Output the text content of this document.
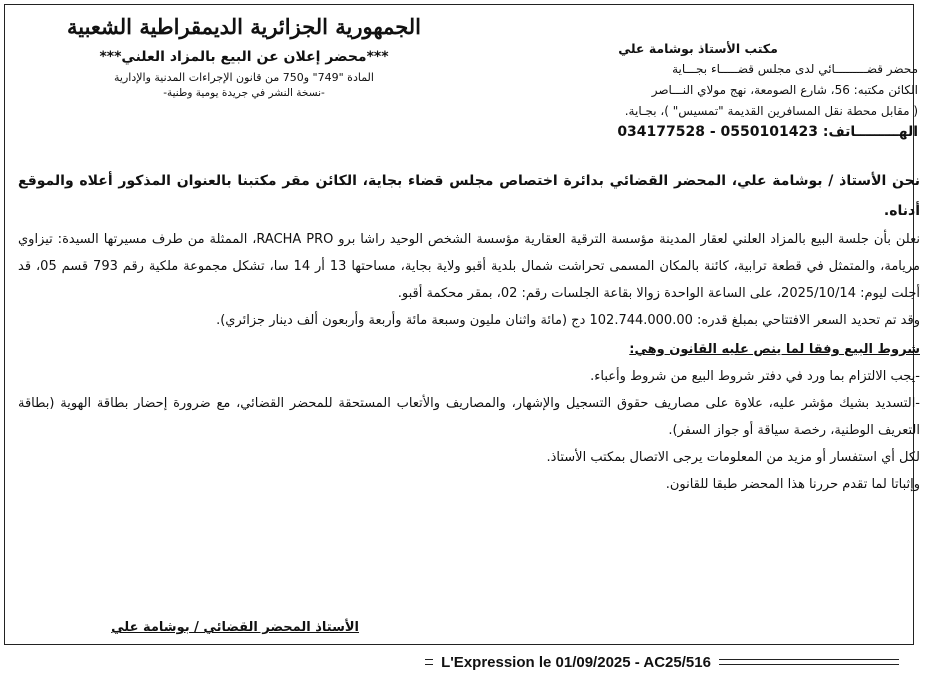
الجمهورية الجزائرية الديمقراطية الشعبية
***محضر إعلان عن البيع بالمزاد العلني***
المادة "749" و750 من قانون الإجراءات المدنية والإدارية
-نسخة النشر في جريدة يومية وطنية-
مكتب الأستاذ بوشامة علي
محضر قضـــــــــائي لدى مجلس قضـــــاء بجـــاية
الكائن مكتبه: 56، شارع الصومعة، نهج مولاي النـــاصر
( مقابل محطة نقل المسافرين القديمة "تمسيس" )، بجـاية.
الهـــــــــاتف: 0550101423 - 034177528

نحن الأستاذ / بوشامة علي، المحضر القضائي بدائرة اختصاص مجلس قضاء بجاية، الكائن مقر مكتبنا بالعنوان المذكور أعلاه والموقع أدناه.

نعلن بأن جلسة البيع بالمزاد العلني لعقار المدينة مؤسسة الترقية العقارية مؤسسة الشخص الوحيد راشا برو RACHA PRO، الممثلة من طرف مسيرتها السيدة: تيزاوي مريامة، والمتمثل في قطعة ترابية، كائنة بالمكان المسمى تحراشت شمال بلدية أقبو ولاية بجاية، مساحتها 13 أر 14 سا، تشكل مجموعة ملكية رقم 793 قسم 05، قد أجلت ليوم: 2025/10/14، على الساعة الواحدة زوالا بقاعة الجلسات رقم: 02، بمقر محكمة أقبو.

وقد تم تحديد السعر الافتتاحي بمبلغ قدره: 102.744.000.00 دج (مائة واثنان مليون وسبعة مائة وأربعة وأربعون ألف دينار جزائري).

شروط البيع وفقا لما ينص عليه القانون وهي:

-يجب الالتزام بما ورد في دفتر شروط البيع من شروط وأعباء.

-التسديد بشيك مؤشر عليه، علاوة على مصاريف حقوق التسجيل والإشهار، والمصاريف والأتعاب المستحقة للمحضر القضائي، مع ضرورة إحضار بطاقة الهوية (بطاقة التعريف الوطنية، رخصة سياقة أو جواز السفر).

لكل أي استفسار أو مزيد من المعلومات يرجى الاتصال بمكتب الأستاذ.

وإثباتا لما تقدم حررنا هذا المحضر طبقا للقانون.

الأستاذ المحضر القضائي / بوشامة علي
L'Expression le 01/09/2025 - AC25/516
